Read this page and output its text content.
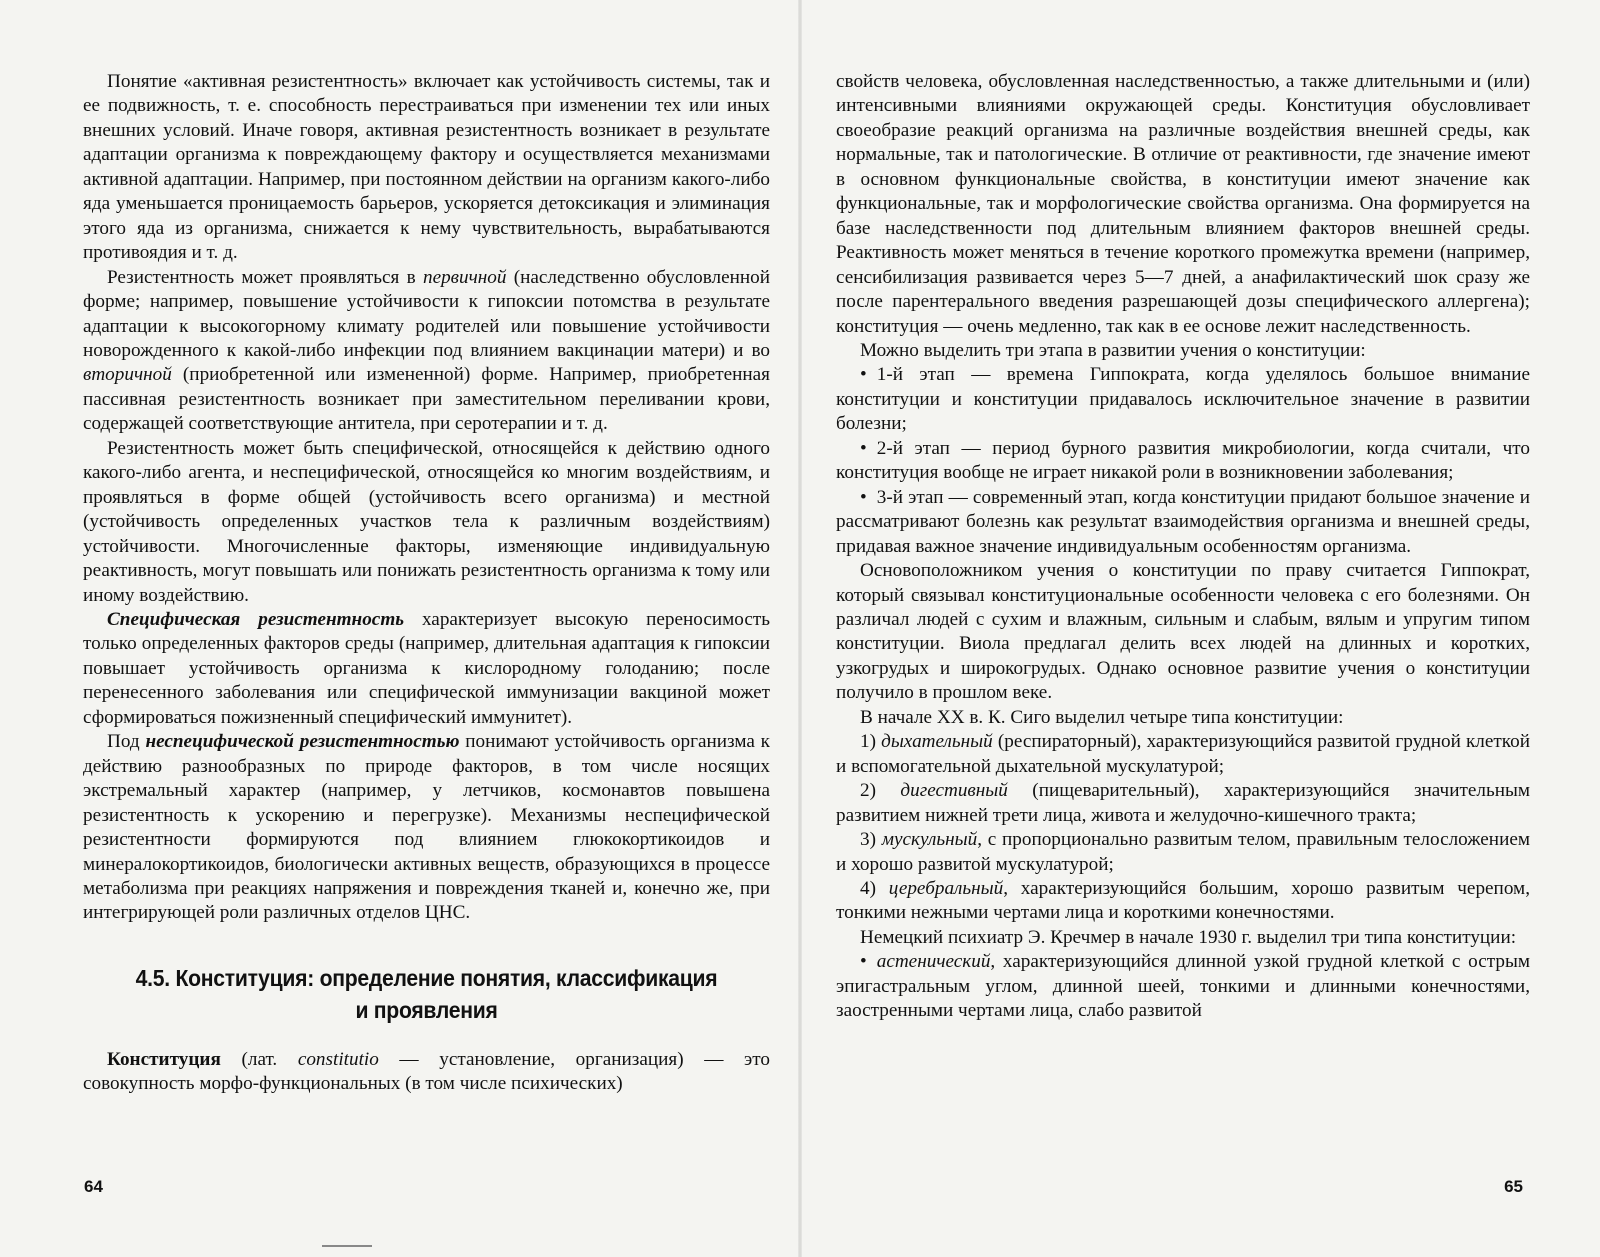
Понятие «активная резистентность» включает как устойчивость системы, так и ее подвижность, т. е. способность перестраиваться при изменении тех или иных внешних условий. Иначе говоря, активная резистентность возникает в результате адаптации организма к повреждающему фактору и осуществляется механизмами активной адаптации. Например, при постоянном действии на организм какого-либо яда уменьшается проницаемость барьеров, ускоряется детоксикация и элиминация этого яда из организма, снижается к нему чувствительность, вырабатываются противоядия и т. д.

Резистентность может проявляться в первичной (наследственно обусловленной форме; например, повышение устойчивости к гипоксии потомства в результате адаптации к высокогорному климату родителей или повышение устойчивости новорожденного к какой-либо инфекции под влиянием вакцинации матери) и во вторичной (приобретенной или измененной) форме. Например, приобретенная пассивная резистентность возникает при заместительном переливании крови, содержащей соответствующие антитела, при серотерапии и т. д.

Резистентность может быть специфической, относящейся к действию одного какого-либо агента, и неспецифической, относящейся ко многим воздействиям, и проявляться в форме общей (устойчивость всего организма) и местной (устойчивость определенных участков тела к различным воздействиям) устойчивости. Многочисленные факторы, изменяющие индивидуальную реактивность, могут повышать или понижать резистентность организма к тому или иному воздействию.

Специфическая резистентность характеризует высокую переносимость только определенных факторов среды (например, длительная адаптация к гипоксии повышает устойчивость организма к кислородному голоданию; после перенесенного заболевания или специфической иммунизации вакциной может сформироваться пожизненный специфический иммунитет).

Под неспецифической резистентностью понимают устойчивость организма к действию разнообразных по природе факторов, в том числе носящих экстремальный характер (например, у летчиков, космонавтов повышена резистентность к ускорению и перегрузке). Механизмы неспецифической резистентности формируются под влиянием глюкокортикоидов и минералокортикоидов, биологически активных веществ, образующихся в процессе метаболизма при реакциях напряжения и повреждения тканей и, конечно же, при интегрирующей роли различных отделов ЦНС.

4.5. Конституция: определение понятия, классификация
и проявления

Конституция (лат. constitutio — установление, организация) — это совокупность морфо-функциональных (в том числе психических)

64

свойств человека, обусловленная наследственностью, а также длительными и (или) интенсивными влияниями окружающей среды. Конституция обусловливает своеобразие реакций организма на различные воздействия внешней среды, как нормальные, так и патологические. В отличие от реактивности, где значение имеют в основном функциональные свойства, в конституции имеют значение как функциональные, так и морфологические свойства организма. Она формируется на базе наследственности под длительным влиянием факторов внешней среды. Реактивность может меняться в течение короткого промежутка времени (например, сенсибилизация развивается через 5—7 дней, а анафилактический шок сразу же после парентерального введения разрешающей дозы специфического аллергена); конституция — очень медленно, так как в ее основе лежит наследственность.

Можно выделить три этапа в развитии учения о конституции:

• 1-й этап — времена Гиппократа, когда уделялось большое внимание конституции и конституции придавалось исключительное значение в развитии болезни;

• 2-й этап — период бурного развития микробиологии, когда считали, что конституция вообще не играет никакой роли в возникновении заболевания;

• 3-й этап — современный этап, когда конституции придают большое значение и рассматривают болезнь как результат взаимодействия организма и внешней среды, придавая важное значение индивидуальным особенностям организма.

Основоположником учения о конституции по праву считается Гиппократ, который связывал конституциональные особенности человека с его болезнями. Он различал людей с сухим и влажным, сильным и слабым, вялым и упругим типом конституции. Виола предлагал делить всех людей на длинных и коротких, узкогрудых и широкогрудых. Однако основное развитие учения о конституции получило в прошлом веке.

В начале XX в. К. Сиго выделил четыре типа конституции:

1) дыхательный (респираторный), характеризующийся развитой грудной клеткой и вспомогательной дыхательной мускулатурой;

2) дигестивный (пищеварительный), характеризующийся значительным развитием нижней трети лица, живота и желудочно-кишечного тракта;

3) мускульный, с пропорционально развитым телом, правильным телосложением и хорошо развитой мускулатурой;

4) церебральный, характеризующийся большим, хорошо развитым черепом, тонкими нежными чертами лица и короткими конечностями.

Немецкий психиатр Э. Кречмер в начале 1930 г. выделил три типа конституции:

• астенический, характеризующийся длинной узкой грудной клеткой с острым эпигастральным углом, длинной шеей, тонкими и длинными конечностями, заостренными чертами лица, слабо развитой

65
